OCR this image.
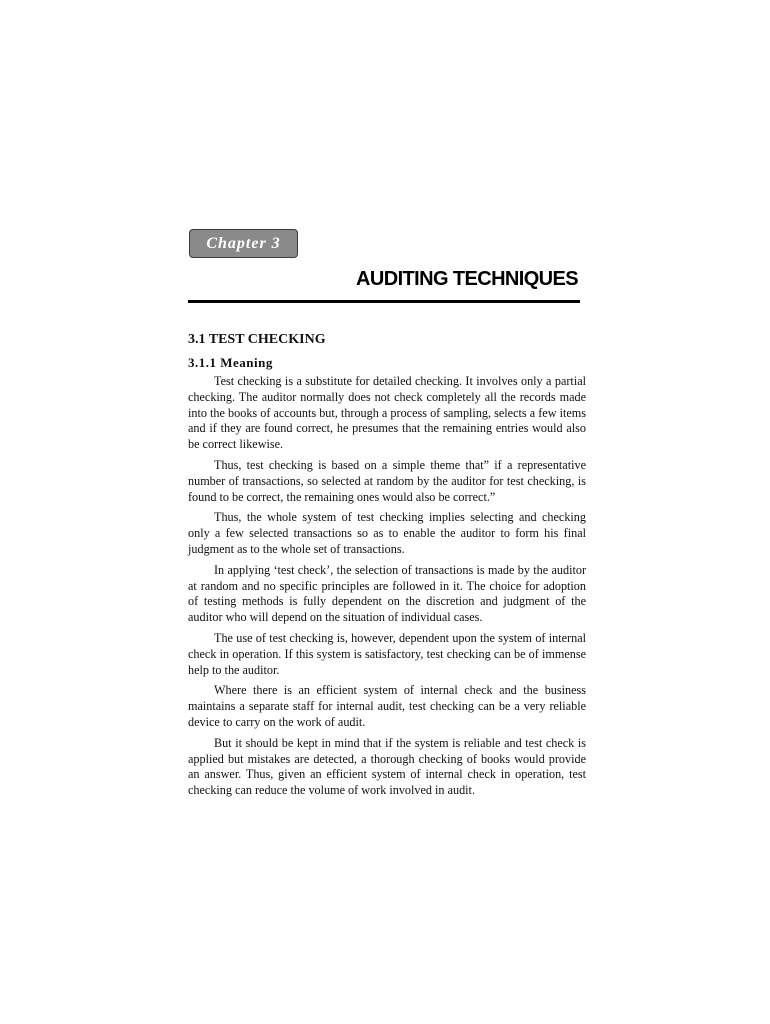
Chapter 3
AUDITING TECHNIQUES
3.1 TEST CHECKING
3.1.1 Meaning

Test checking is a substitute for detailed checking. It involves only a partial checking. The auditor normally does not check completely all the records made into the books of accounts but, through a process of sampling, selects a few items and if they are found correct, he presumes that the remaining entries would also be correct likewise.

Thus, test checking is based on a simple theme that” if a representative number of transactions, so selected at random by the auditor for test checking, is found to be correct, the remaining ones would also be correct.”

Thus, the whole system of test checking implies selecting and checking only a few selected transactions so as to enable the auditor to form his final judgment as to the whole set of transactions.

In applying ‘test check’, the selection of transactions is made by the auditor at random and no specific principles are followed in it. The choice for adoption of testing methods is fully dependent on the discretion and judgment of the auditor who will depend on the situation of individual cases.

The use of test checking is, however, dependent upon the system of internal check in operation. If this system is satisfactory, test checking can be of immense help to the auditor.

Where there is an efficient system of internal check and the business maintains a separate staff for internal audit, test checking can be a very reliable device to carry on the work of audit.

But it should be kept in mind that if the system is reliable and test check is applied but mistakes are detected, a thorough checking of books would provide an answer. Thus, given an efficient system of internal check in operation, test checking can reduce the volume of work involved in audit.
